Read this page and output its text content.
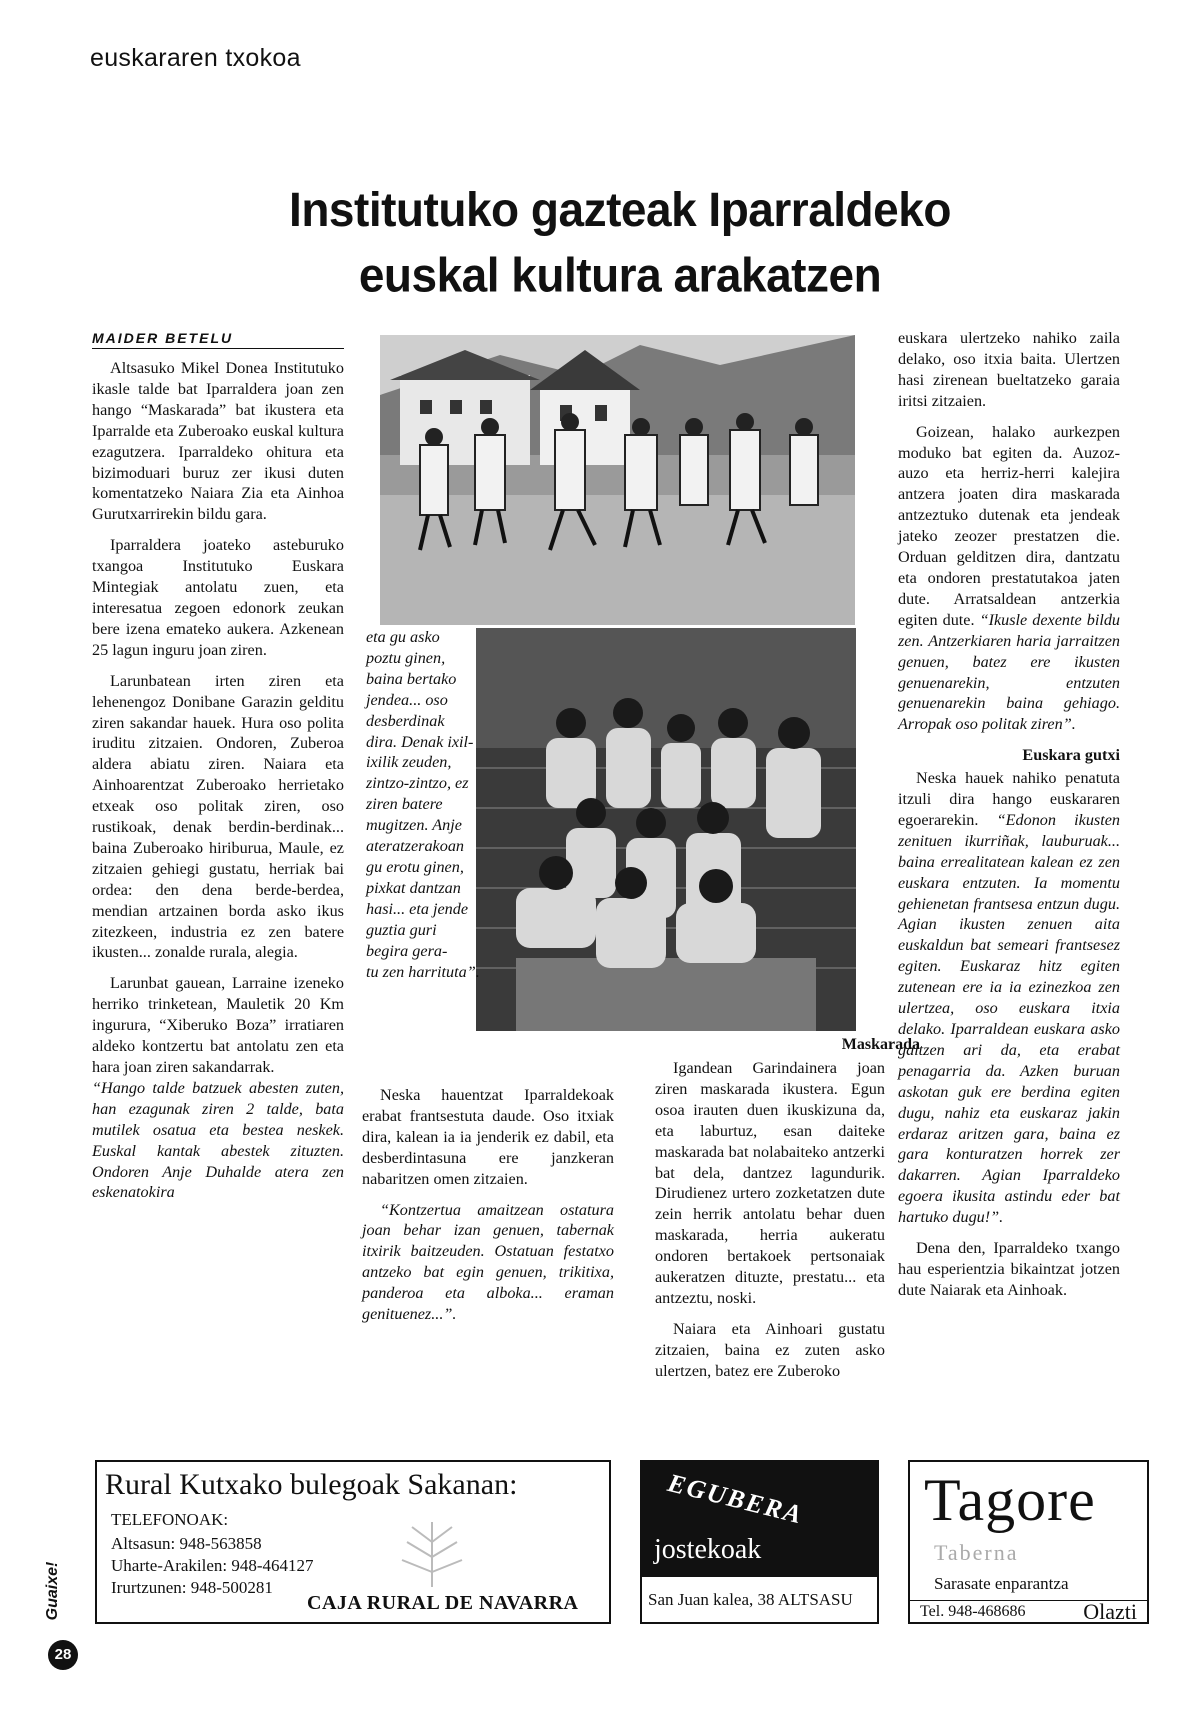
euskararen txokoa
Institutuko gazteak Iparraldeko
euskal kultura arakatzen
MAIDER BETELU

Altsasuko Mikel Donea Institutuko ikasle talde bat Iparraldera joan zen hango “Maskarada” bat ikustera eta Iparralde eta Zuberoako euskal kultura ezagutzera. Iparraldeko ohitura eta bizimoduari buruz zer ikusi duten komentatzeko Naiara Zia eta Ainhoa Gurutxarrirekin bildu gara.

Iparraldera joateko asteburuko txangoa Institutuko Euskara Mintegiak antolatu zuen, eta interesatua zegoen edonork zeukan bere izena emateko aukera. Azkenean 25 lagun inguru joan ziren.

Larunbatean irten ziren eta lehenengoz Donibane Garazin gelditu ziren sakandar hauek. Hura oso polita iruditu zitzaien. Ondoren, Zuberoa aldera abiatu ziren. Naiara eta Ainhoarentzat Zuberoako herrietako etxeak oso politak ziren, oso rustikoak, denak berdin-berdinak... baina Zuberoako hiriburua, Maule, ez zitzaien gehiegi gustatu, herriak bai ordea: den dena berde-berdea, mendian artzainen borda asko ikus zitezkeen, industria ez zen batere ikusten... zonalde rurala, alegia.

Larunbat gauean, Larraine izeneko herriko trinketean, Mauletik 20 Km ingurura, “Xiberuko Boza” irratiaren aldeko kontzertu bat antolatu zen eta hara joan ziren sakandarrak.

“Hango talde batzuek abesten zuten, han ezagunak ziren 2 talde, bata mutilek osatua eta bestea neskek. Euskal kantak abestek zituzten. Ondoren Anje Duhalde atera zen eskenatokira

eta gu asko poztu ginen, baina bertako jendea... oso desberdinak dira. Denak ixil-ixilik zeuden, zintzo-zintzo, ez ziren batere mugitzen. Anje ateratzerakoan gu erotu ginen, pixkat dantzan hasi... eta jende guztia guri begira gera- tu zen harrituta”.
Maskarada

Neska hauentzat Iparraldekoak erabat frantsestuta daude. Oso itxiak dira, kalean ia ia jenderik ez dabil, eta desberdintasuna ere janzkeran nabaritzen omen zitzaien.

“Kontzertua amaitzean ostatura joan behar izan genuen, tabernak itxirik baitzeuden. Ostatuan festatxo antzeko bat egin genuen, trikitixa, panderoa eta alboka... eraman genituenez...”.

Igandean Garindainera joan ziren maskarada ikustera. Egun osoa irauten duen ikuskizuna da, eta laburtuz, esan daiteke maskarada bat nolabaiteko antzerki bat dela, dantzez lagundurik. Dirudienez urtero zozketatzen dute zein herrik antolatu behar duen maskarada, herria aukeratu ondoren bertakoek pertsonaiak aukeratzen dituzte, prestatu... eta antzeztu, noski.

Naiara eta Ainhoari gustatu zitzaien, baina ez zuten asko ulertzen, batez ere Zuberoko

euskara ulertzeko nahiko zaila delako, oso itxia baita. Ulertzen hasi zirenean bueltatzeko garaia iritsi zitzaien.

Goizean, halako aurkezpen moduko bat egiten da. Auzoz-auzo eta herriz-herri kalejira antzera joaten dira maskarada antzeztuko dutenak eta jendeak jateko zeozer prestatzen die. Orduan gelditzen dira, dantzatu eta ondoren prestatutakoa jaten dute. Arratsaldean antzerkia egiten dute. “Ikusle dexente bildu zen. Antzerkiaren haria jarraitzen genuen, batez ere ikusten genuenarekin, entzuten genuenarekin baina gehiago. Arropak oso politak ziren”.

Euskara gutxi

Neska hauek nahiko penatuta itzuli dira hango euskararen egoerarekin. “Edonon ikusten zenituen ikurriñak, lauburuak... baina errealitatean kalean ez zen euskara entzuten. Ia momentu gehienetan frantsesa entzun dugu. Agian ikusten zenuen aita euskaldun bat semeari frantsesez egiten. Euskaraz hitz egiten zutenean ere ia ia ezinezkoa zen ulertzea, oso euskara itxia delako. Iparraldean euskara asko galtzen ari da, eta erabat penagarria da. Azken buruan askotan guk ere berdina egiten dugu, nahiz eta euskaraz jakin erdaraz aritzen gara, baina ez gara konturatzen horrek zer dakarren. Agian Iparraldeko egoera ikusita astindu eder bat hartuko dugu!”.

Dena den, Iparraldeko txango hau esperientzia bikaintzat jotzen dute Naiarak eta Ainhoak.

Rural Kutxako bulegoak Sakanan:
TELEFONOAK:
Altsasun: 948-563858
Uharte-Arakilen: 948-464127
Irurtzunen: 948-500281
CAJA RURAL DE NAVARRA
EGUBERA
jostekoak
San Juan kalea, 38 ALTSASU
Tagore
Taberna
Sarasate enparantza
Tel. 948-468686	Olazti
Guaixe!
28
